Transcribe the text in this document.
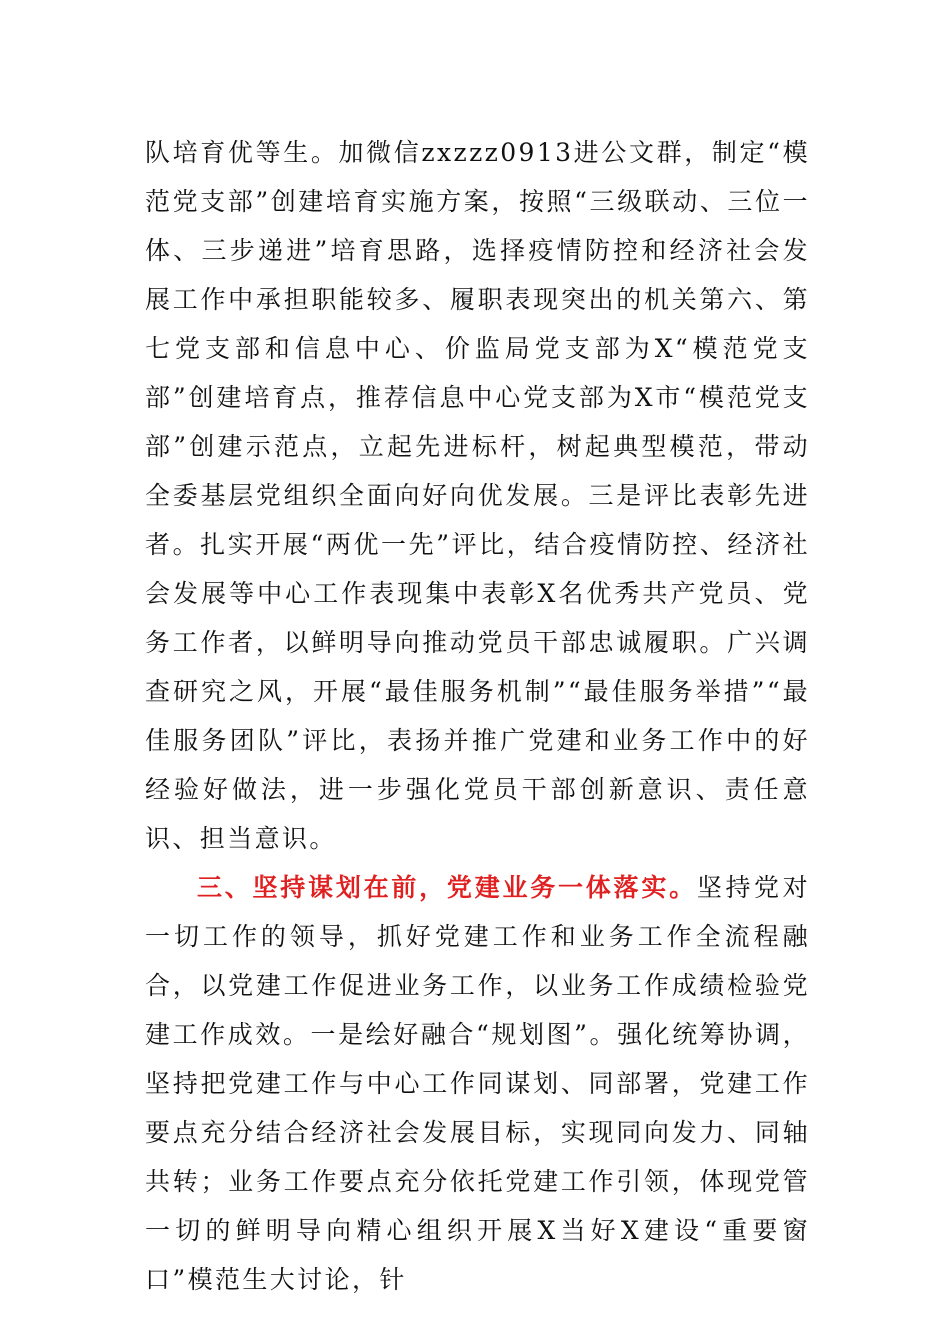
队培育优等生。加微信zxzzz0913进公文群，制定“模范党支部”创建培育实施方案，按照“三级联动、三位一体、三步递进”培育思路，选择疫情防控和经济社会发展工作中承担职能较多、履职表现突出的机关第六、第七党支部和信息中心、价监局党支部为X“模范党支部”创建培育点，推荐信息中心党支部为X市“模范党支部”创建示范点，立起先进标杆，树起典型模范，带动全委基层党组织全面向好向优发展。三是评比表彰先进者。扎实开展“两优一先”评比，结合疫情防控、经济社会发展等中心工作表现集中表彰X名优秀共产党员、党务工作者，以鲜明导向推动党员干部忠诚履职。广兴调查研究之风，开展“最佳服务机制”“最佳服务举措”“最佳服务团队”评比，表扬并推广党建和业务工作中的好经验好做法，进一步强化党员干部创新意识、责任意识、担当意识。

三、坚持谋划在前，党建业务一体落实。坚持党对一切工作的领导，抓好党建工作和业务工作全流程融合，以党建工作促进业务工作，以业务工作成绩检验党建工作成效。一是绘好融合“规划图”。强化统筹协调，坚持把党建工作与中心工作同谋划、同部署，党建工作要点充分结合经济社会发展目标，实现同向发力、同轴共转；业务工作要点充分依托党建工作引领，体现党管一切的鲜明导向精心组织开展X当好X建设“重要窗口”模范生大讨论，针
